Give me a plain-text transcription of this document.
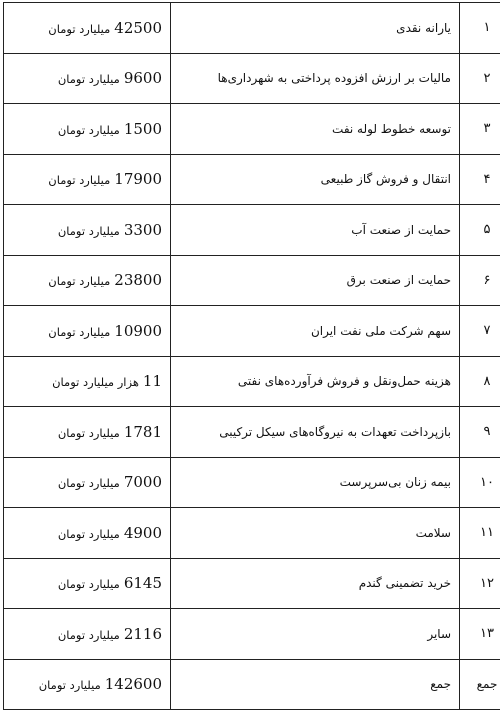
۱	یارانه نقدی	42500میلیارد تومان
۲	مالیات بر ارزش افزوده پرداختی به شهرداری‌ها	9600میلیارد تومان
۳	توسعه خطوط لوله نفت	1500میلیارد تومان
۴	انتقال و فروش گاز طبیعی	17900میلیارد تومان
۵	حمایت از صنعت آب	3300میلیارد تومان
۶	حمایت از صنعت برق	23800میلیارد تومان
۷	سهم شرکت ملی نفت ایران	10900میلیارد تومان
۸	هزینه حمل‌ونقل و فروش فرآورده‌های نفتی	11هزار میلیارد تومان
۹	بازپرداخت تعهدات به نیروگاه‌های سیکل ترکیبی	1781میلیارد تومان
۱۰	بیمه زنان بی‌سرپرست	7000میلیارد تومان
۱۱	سلامت	4900میلیارد تومان
۱۲	خرید تضمینی گندم	6145میلیارد تومان
۱۳	سایر	2116میلیارد تومان
جمع	جمع	142600میلیارد تومان
